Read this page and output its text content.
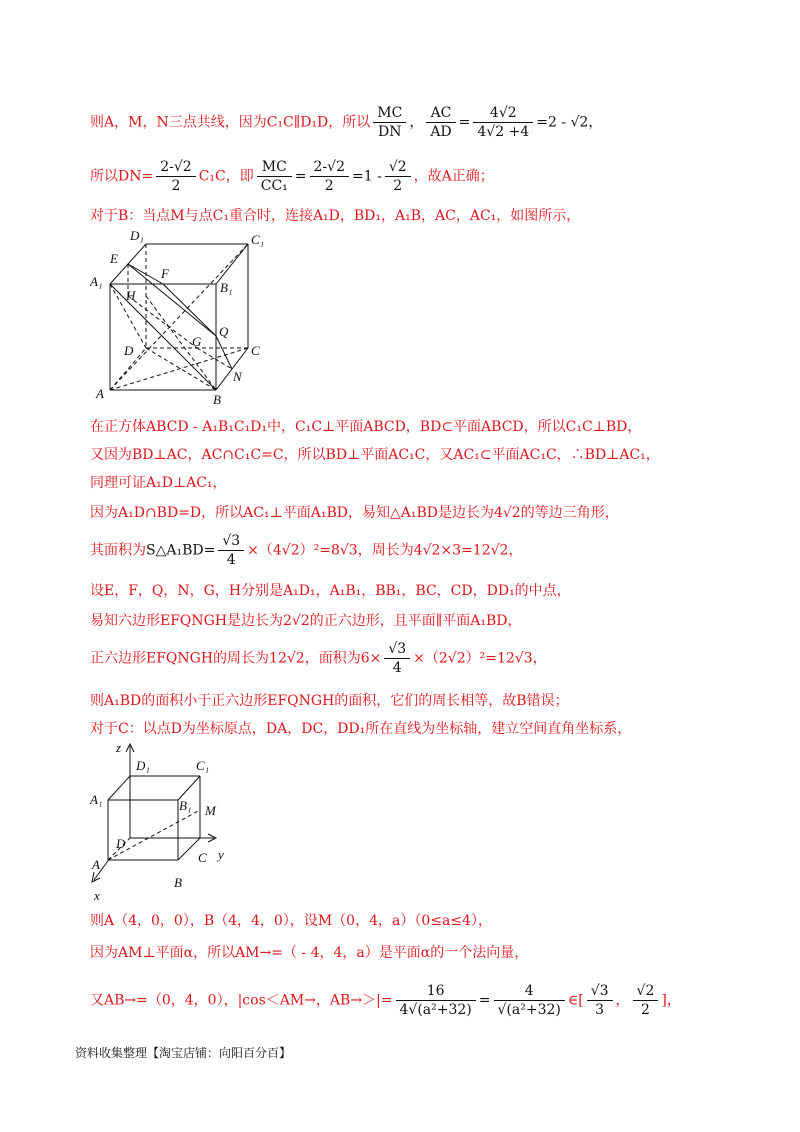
则A，M，N三点共线，因为C₁C∥D₁D，所以 $\frac{MC}{DN}$ ， $\frac{AC}{AD} = \frac{4√2}{4√2 +4} =2 - √2$，
所以$DN= \frac{2-√2}{2} C_1C$，即 $\frac{MC}{\text{CC₁}} = \frac{2-√2}{2} =1 - \frac{√2}{2}$ ，故A正确；
对于B：当点M与点C₁重合时，连接A₁D，BD₁，A₁B，AC，AC₁，如图所示，
D₁	C₁
E
F
A₁	B₁
H
Q
G
D	C
N
A	B
在正方体ABCD - A₁B₁C₁D₁中，C₁C⊥平面ABCD，BD⊂平面ABCD，所以C₁C⊥BD，
又因为BD⊥AC，AC∩C₁C=C，所以BD⊥平面AC₁C，又AC₁⊂平面AC₁C，∴BD⊥AC₁，
同理可证A₁D⊥AC₁，
因为A₁D∩BD=D，所以AC₁⊥平面A₁BD，易知△A₁BD是边长为4√2的等边三角形，
其面积为S△A₁BD= $\frac{√3}{4} \times(4√2)^2=8√3$，周长为4√2×3=12√2，
设E，F，Q，N，G，H分别是A₁D₁，A₁B₁，BB₁，BC，CD，DD₁的中点，
易知六边形EFQNGH是边长为2√2的正六边形，且平面∥平面A₁BD，
正六边形EFQNGH的周长为12√2，面积为$6\times \frac{√3}{4} \times(2√2)^2=12√3$，
则A₁BD的面积小于正六边形EFQNGH的面积，它们的周长相等，故B错误；
对于C：以点D为坐标原点，DA，DC，DD₁所在直线为坐标轴，建立空间直角坐标系，
z
D₁	C₁
A₁	B₁ M
D
C y
A
B
x
则A（4，0，0），B（4，4，0），设M（0，4，a）（0≤a≤4），
因为AM⊥平面α，所以AM→=（ - 4，4，a）是平面α的一个法向量，
又AB→=（0，4，0），|cos＜AM→，$AB\to>|= \frac{16}{\text{4√(a²+32)}} = \frac{4}{\text{√(a²+32)}}$ ∈[ $\frac{√3}{3}$ ， $\frac{√2}{2}$ ]，
资料收集整理【淘宝店铺：向阳百分百】
